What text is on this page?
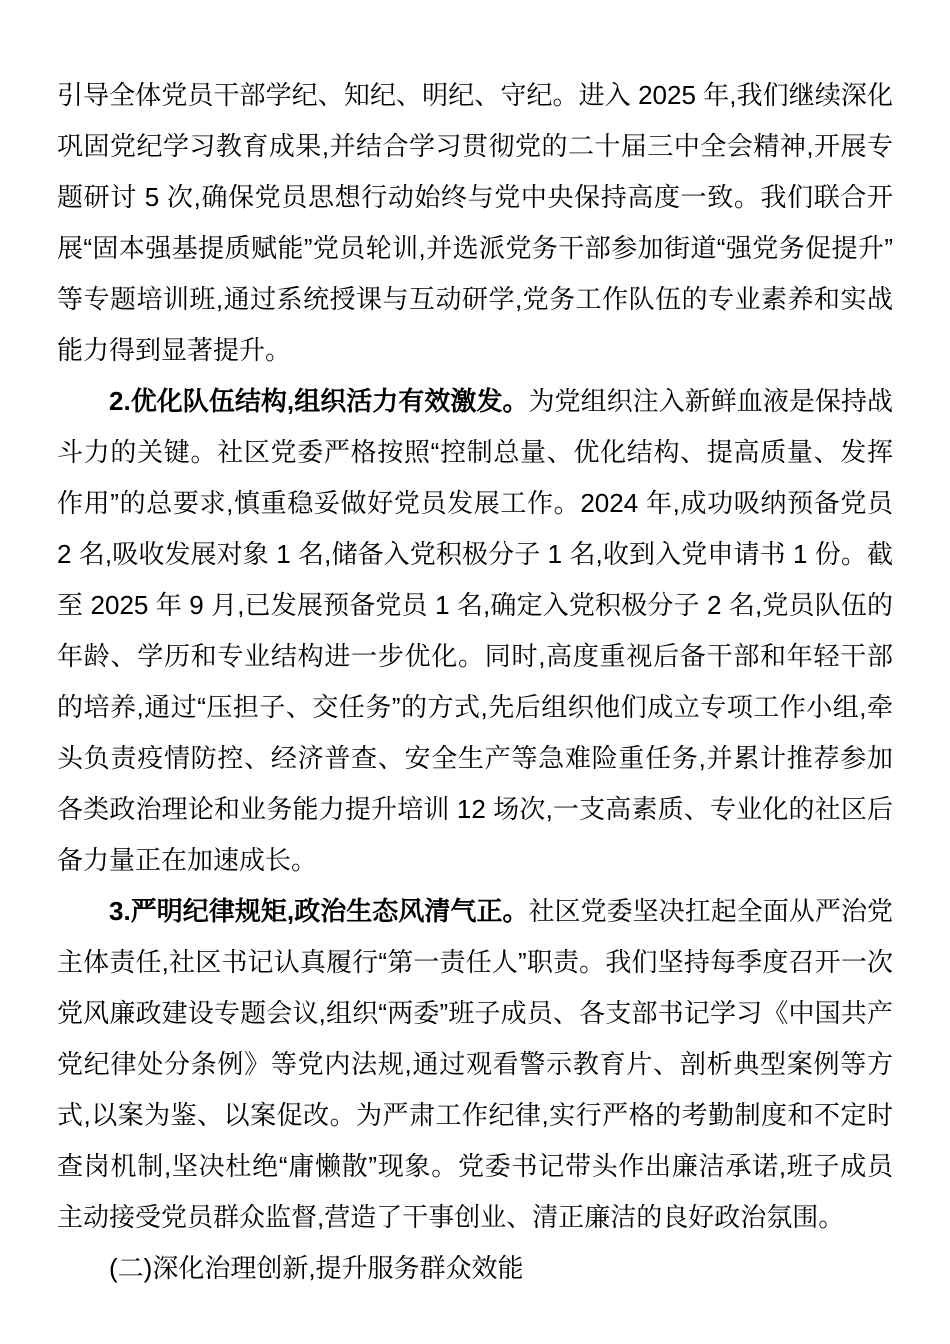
引导全体党员干部学纪、知纪、明纪、守纪。进入 2025 年,我们继续深化巩固党纪学习教育成果,并结合学习贯彻党的二十届三中全会精神,开展专题研讨 5 次,确保党员思想行动始终与党中央保持高度一致。我们联合开展“固本强基提质赋能”党员轮训,并选派党务干部参加街道“强党务促提升”等专题培训班,通过系统授课与互动研学,党务工作队伍的专业素养和实战能力得到显著提升。

2.优化队伍结构,组织活力有效激发。为党组织注入新鲜血液是保持战斗力的关键。社区党委严格按照“控制总量、优化结构、提高质量、发挥作用”的总要求,慎重稳妥做好党员发展工作。2024 年,成功吸纳预备党员 2 名,吸收发展对象 1 名,储备入党积极分子 1 名,收到入党申请书 1 份。截至 2025 年 9 月,已发展预备党员 1 名,确定入党积极分子 2 名,党员队伍的年龄、学历和专业结构进一步优化。同时,高度重视后备干部和年轻干部的培养,通过“压担子、交任务”的方式,先后组织他们成立专项工作小组,牵头负责疫情防控、经济普查、安全生产等急难险重任务,并累计推荐参加各类政治理论和业务能力提升培训 12 场次,一支高素质、专业化的社区后备力量正在加速成长。

3.严明纪律规矩,政治生态风清气正。社区党委坚决扛起全面从严治党主体责任,社区书记认真履行“第一责任人”职责。我们坚持每季度召开一次党风廉政建设专题会议,组织“两委”班子成员、各支部书记学习《中国共产党纪律处分条例》等党内法规,通过观看警示教育片、剖析典型案例等方式,以案为鉴、以案促改。为严肃工作纪律,实行严格的考勤制度和不定时查岗机制,坚决杜绝“庸懒散”现象。党委书记带头作出廉洁承诺,班子成员主动接受党员群众监督,营造了干事创业、清正廉洁的良好政治氛围。

(二)深化治理创新,提升服务群众效能
